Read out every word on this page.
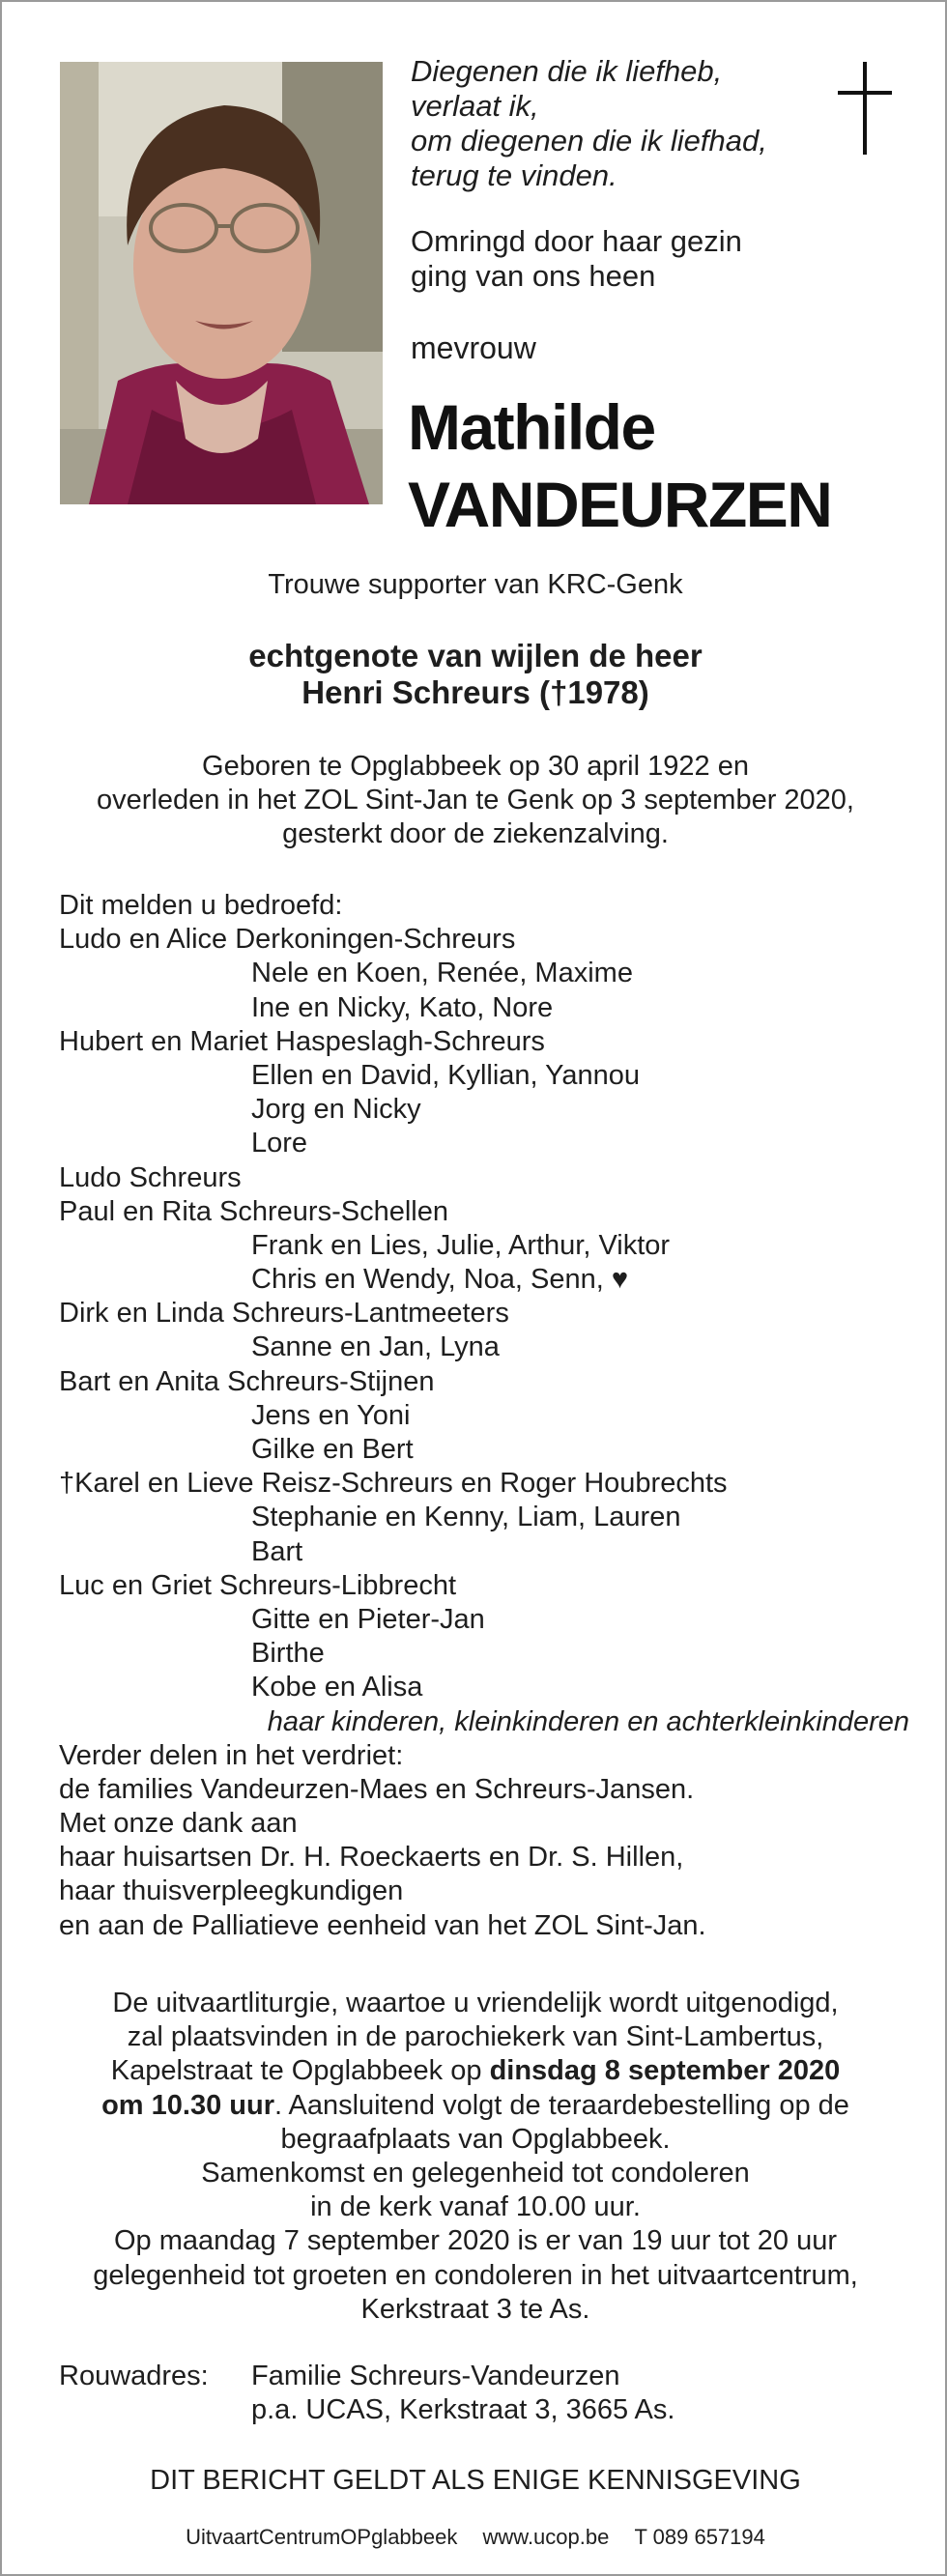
Diegenen die ik liefheb,
verlaat ik,
om diegenen die ik liefhad,
terug te vinden.
Omringd door haar gezin
ging van ons heen
mevrouw
Mathilde
VANDEURZEN
Trouwe supporter van KRC-Genk
echtgenote van wijlen de heer
Henri Schreurs (†1978)
Geboren te Opglabbeek op 30 april 1922 en
overleden in het ZOL Sint-Jan te Genk op 3 september 2020,
gesterkt door de ziekenzalving.
Dit melden u bedroefd:
Ludo en Alice Derkoningen-Schreurs
Nele en Koen, Renée, Maxime
Ine en Nicky, Kato, Nore
Hubert en Mariet Haspeslagh-Schreurs
Ellen en David, Kyllian, Yannou
Jorg en Nicky
Lore
Ludo Schreurs
Paul en Rita Schreurs-Schellen
Frank en Lies, Julie, Arthur, Viktor
Chris en Wendy, Noa, Senn, ♥
Dirk en Linda Schreurs-Lantmeeters
Sanne en Jan, Lyna
Bart en Anita Schreurs-Stijnen
Jens en Yoni
Gilke en Bert
†Karel en Lieve Reisz-Schreurs en Roger Houbrechts
Stephanie en Kenny, Liam, Lauren
Bart
Luc en Griet Schreurs-Libbrecht
Gitte en Pieter-Jan
Birthe
Kobe en Alisa
haar kinderen, kleinkinderen en achterkleinkinderen
Verder delen in het verdriet:
de families Vandeurzen-Maes en Schreurs-Jansen.
Met onze dank aan
haar huisartsen Dr. H. Roeckaerts en Dr. S. Hillen,
haar thuisverpleegkundigen
en aan de Palliatieve eenheid van het ZOL Sint-Jan.
De uitvaartliturgie, waartoe u vriendelijk wordt uitgenodigd,
zal plaatsvinden in de parochiekerk van Sint-Lambertus,
Kapelstraat te Opglabbeek op dinsdag 8 september 2020
om 10.30 uur. Aansluitend volgt de teraardebestelling op de
begraafplaats van Opglabbeek.
Samenkomst en gelegenheid tot condoleren
in de kerk vanaf 10.00 uur.
Op maandag 7 september 2020 is er van 19 uur tot 20 uur
gelegenheid tot groeten en condoleren in het uitvaartcentrum,
Kerkstraat 3 te As.
Rouwadres: Familie Schreurs-Vandeurzen
p.a. UCAS, Kerkstraat 3, 3665 As.
DIT BERICHT GELDT ALS ENIGE KENNISGEVING
UitvaartCentrumOPglabbeek www.ucop.be T 089 657194
